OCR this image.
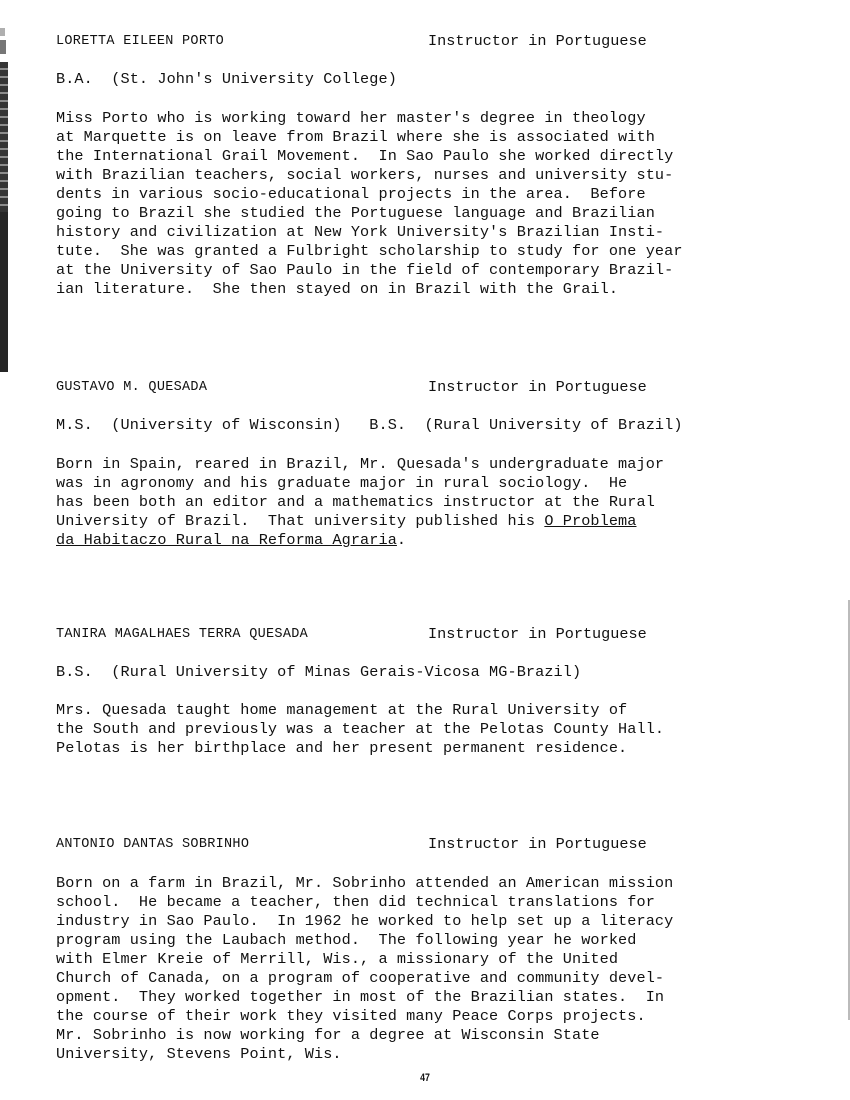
LORETTA EILEEN PORTO	Instructor in Portuguese
B.A.  (St. John's University College)
Miss Porto who is working toward her master's degree in theology
at Marquette is on leave from Brazil where she is associated with
the International Grail Movement.  In Sao Paulo she worked directly
with Brazilian teachers, social workers, nurses and university stu-
dents in various socio-educational projects in the area.  Before
going to Brazil she studied the Portuguese language and Brazilian
history and civilization at New York University's Brazilian Insti-
tute.  She was granted a Fulbright scholarship to study for one year
at the University of Sao Paulo in the field of contemporary Brazil-
ian literature.  She then stayed on in Brazil with the Grail.
GUSTAVO M. QUESADA	Instructor in Portuguese
M.S.  (University of Wisconsin)   B.S.  (Rural University of Brazil)
Born in Spain, reared in Brazil, Mr. Quesada's undergraduate major
was in agronomy and his graduate major in rural sociology.  He
has been both an editor and a mathematics instructor at the Rural
University of Brazil.  That university published his O Problema
da Habitaczo Rural na Reforma Agraria.
TANIRA MAGALHAES TERRA QUESADA	Instructor in Portuguese
B.S.  (Rural University of Minas Gerais-Vicosa MG-Brazil)
Mrs. Quesada taught home management at the Rural University of
the South and previously was a teacher at the Pelotas County Hall.
Pelotas is her birthplace and her present permanent residence.
ANTONIO DANTAS SOBRINHO	Instructor in Portuguese
Born on a farm in Brazil, Mr. Sobrinho attended an American mission
school.  He became a teacher, then did technical translations for
industry in Sao Paulo.  In 1962 he worked to help set up a literacy
program using the Laubach method.  The following year he worked
with Elmer Kreie of Merrill, Wis., a missionary of the United
Church of Canada, on a program of cooperative and community devel-
opment.  They worked together in most of the Brazilian states.  In
the course of their work they visited many Peace Corps projects.
Mr. Sobrinho is now working for a degree at Wisconsin State
University, Stevens Point, Wis.
47
